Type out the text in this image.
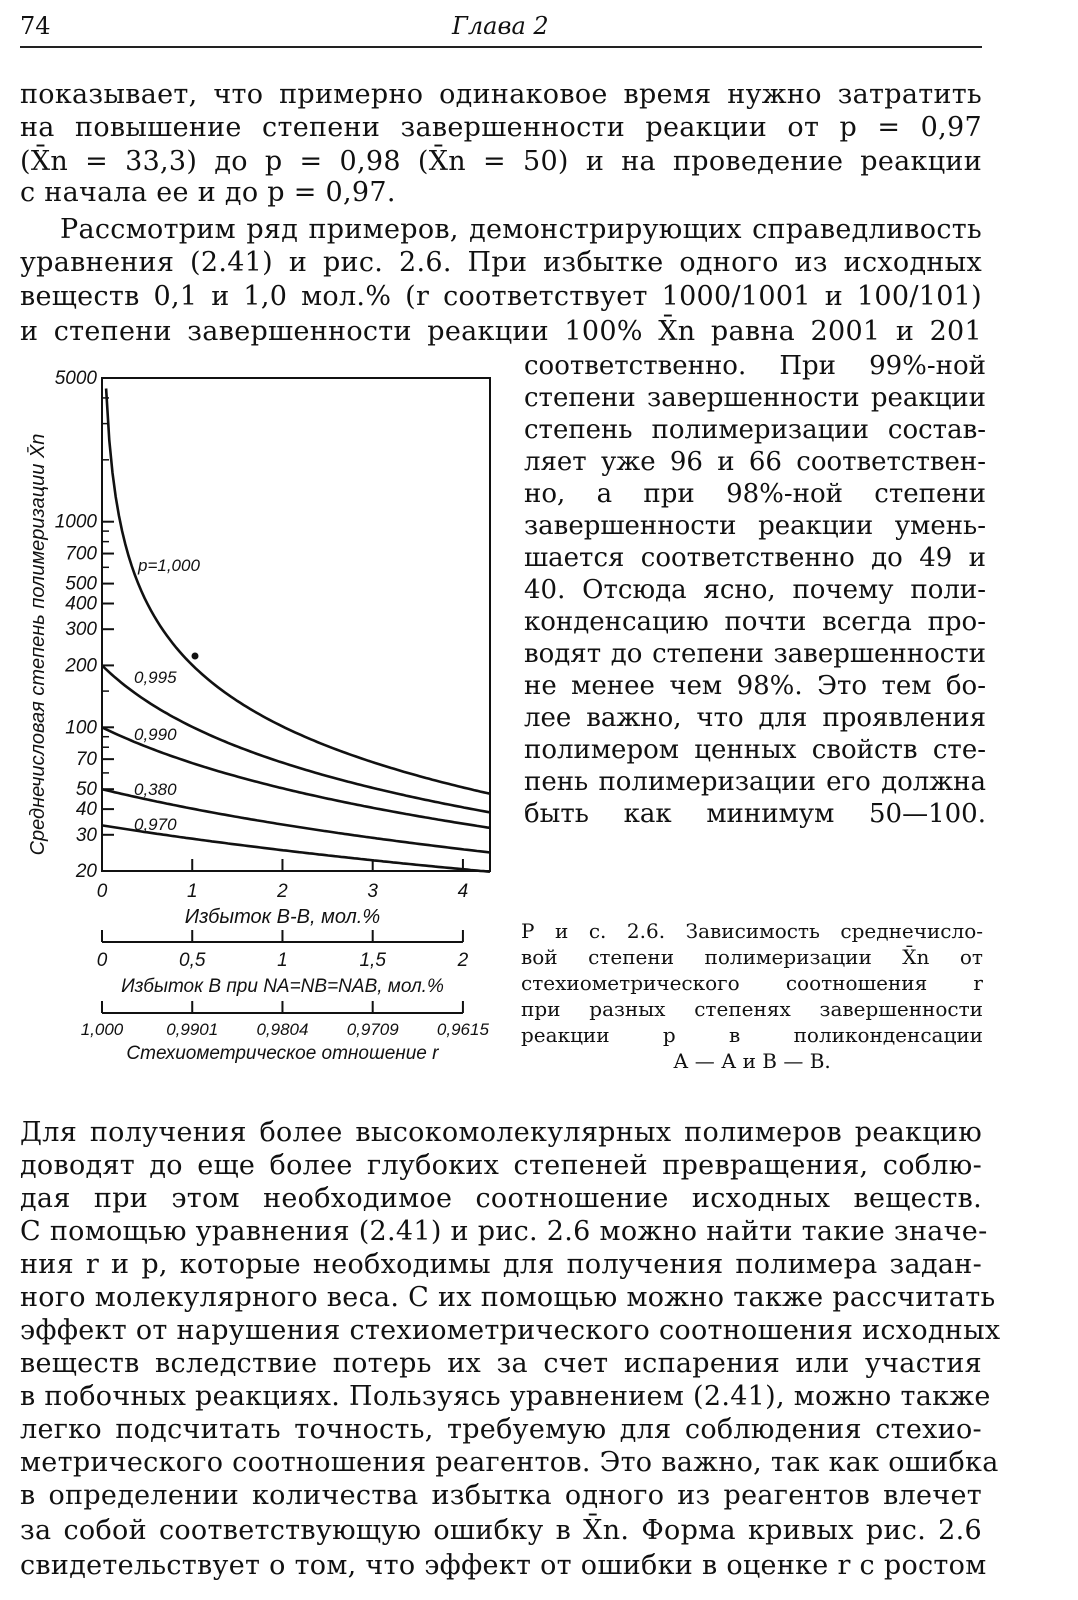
74	Глава 2
показывает, что примерно одинаковое время нужно затратить
на повышение степени завершенности реакции от p = 0,97
(X̄n = 33,3) до p = 0,98 (X̄n = 50) и на проведение реакции
с начала ее и до p = 0,97.
Рассмотрим ряд примеров, демонстрирующих справедливость
уравнения (2.41) и рис. 2.6. При избытке одного из исходных
веществ 0,1 и 1,0 мол.% (r соответствует 1000/1001 и 100/101)
и степени завершенности реакции 100% X̄n равна 2001 и 201
соответственно. При 99%-ной
степени завершенности реакции
степень полимеризации состав-
ляет уже 96 и 66 соответствен-
но, а при 98%-ной степени
завершенности реакции умень-
шается соответственно до 49 и
40. Отсюда ясно, почему поли-
конденсацию почти всегда про-
водят до степени завершенности
не менее чем 98%. Это тем бо-
лее важно, что для проявления
полимером ценных свойств сте-
пень полимеризации его должна
быть как минимум 50—100.
p=1,000
0,995
0,990
0,380
0,970
5000
1000
700
500
400
300
200
100
70
50
40
30
20
Среднечисловая степень полимеризации X̄n
0	1	2	3	4
Избыток B-B, мол.%
0	0,5	1	1,5	2
Избыток B при NA=NB=NAB, мол.%
1,000	0,9901 0,9804 0,9709 0,9615
Стехиометрическое отношение r
Р и с. 2.6. Зависимость среднечисло-
вой степени полимеризации X̄n от
стехиометрического соотношения r
при разных степенях завершенности
реакции p в поликонденсации
А — А и В — В.
Для получения более высокомолекулярных полимеров реакцию
доводят до еще более глубоких степеней превращения, соблю-
дая при этом необходимое соотношение исходных веществ.
С помощью уравнения (2.41) и рис. 2.6 можно найти такие значе-
ния r и p, которые необходимы для получения полимера задан-
ного молекулярного веса. С их помощью можно также рассчитать
эффект от нарушения стехиометрического соотношения исходных
веществ вследствие потерь их за счет испарения или участия
в побочных реакциях. Пользуясь уравнением (2.41), можно также
легко подсчитать точность, требуемую для соблюдения стехио-
метрического соотношения реагентов. Это важно, так как ошибка
в определении количества избытка одного из реагентов влечет
за собой соответствующую ошибку в X̄n. Форма кривых рис. 2.6
свидетельствует о том, что эффект от ошибки в оценке r с ростом
